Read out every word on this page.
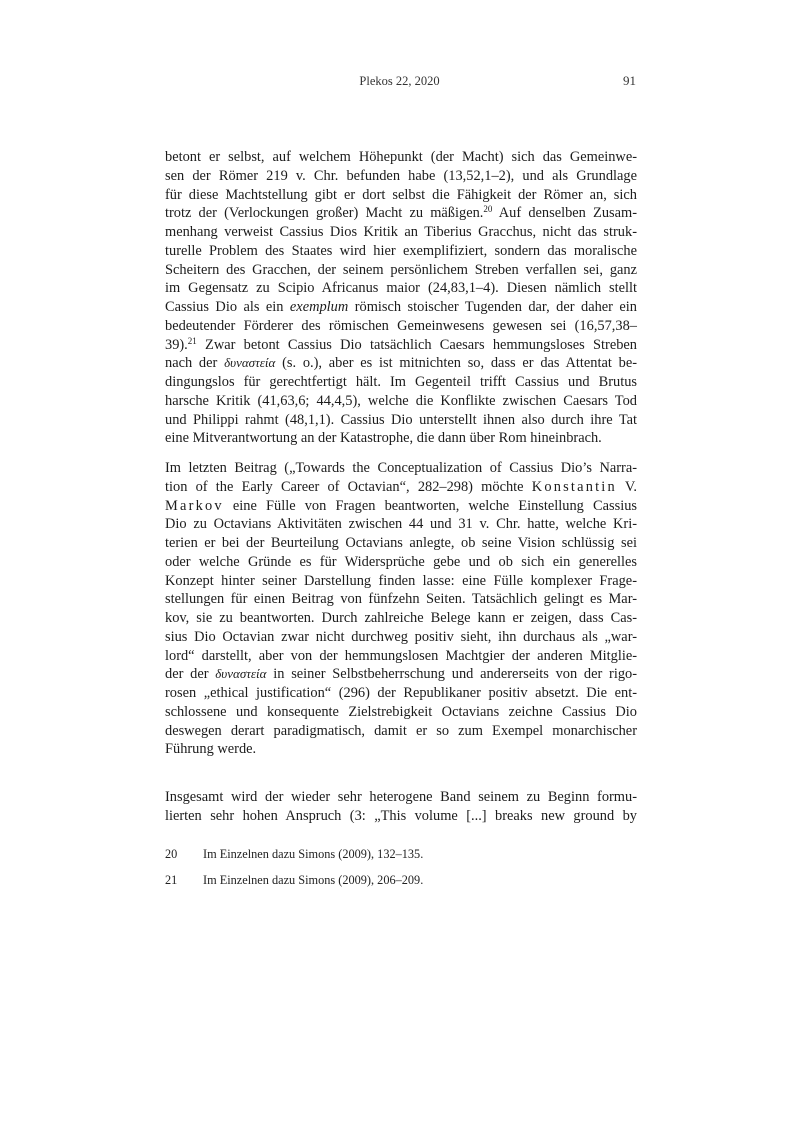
Plekos 22, 2020	91
betont er selbst, auf welchem Höhepunkt (der Macht) sich das Gemeinwe-
sen der Römer 219 v. Chr. befunden habe (13,52,1–2), und als Grundlage
für diese Machtstellung gibt er dort selbst die Fähigkeit der Römer an, sich
trotz der (Verlockungen großer) Macht zu mäßigen.$^{20}$ Auf denselben Zusam-
menhang verweist Cassius Dios Kritik an Tiberius Gracchus, nicht das struk-
turelle Problem des Staates wird hier exemplifiziert, sondern das moralische
Scheitern des Gracchen, der seinem persönlichem Streben verfallen sei, ganz
im Gegensatz zu Scipio Africanus maior (24,83,1–4). Diesen nämlich stellt
Cassius Dio als ein exemplum römisch stoischer Tugenden dar, der daher ein
bedeutender Förderer des römischen Gemeinwesens gewesen sei (16,57,38–
39).$^{21}$ Zwar betont Cassius Dio tatsächlich Caesars hemmungsloses Streben
nach der δυναστεία (s. o.), aber es ist mitnichten so, dass er das Attentat be-
dingungslos für gerechtfertigt hält. Im Gegenteil trifft Cassius und Brutus
harsche Kritik (41,63,6; 44,4,5), welche die Konflikte zwischen Caesars Tod
und Philippi rahmt (48,1,1). Cassius Dio unterstellt ihnen also durch ihre Tat
eine Mitverantwortung an der Katastrophe, die dann über Rom hineinbrach.
Im letzten Beitrag („Towards the Conceptualization of Cassius Dio’s Narra-
tion of the Early Career of Octavian“, 282–298) möchte Konstantin V.
Markov eine Fülle von Fragen beantworten, welche Einstellung Cassius
Dio zu Octavians Aktivitäten zwischen 44 und 31 v. Chr. hatte, welche Kri-
terien er bei der Beurteilung Octavians anlegte, ob seine Vision schlüssig sei
oder welche Gründe es für Widersprüche gebe und ob sich ein generelles
Konzept hinter seiner Darstellung finden lasse: eine Fülle komplexer Frage-
stellungen für einen Beitrag von fünfzehn Seiten. Tatsächlich gelingt es Mar-
kov, sie zu beantworten. Durch zahlreiche Belege kann er zeigen, dass Cas-
sius Dio Octavian zwar nicht durchweg positiv sieht, ihn durchaus als „war-
lord“ darstellt, aber von der hemmungslosen Machtgier der anderen Mitglie-
der der δυναστεία in seiner Selbstbeherrschung und andererseits von der rigo-
rosen „ethical justification“ (296) der Republikaner positiv absetzt. Die ent-
schlossene und konsequente Zielstrebigkeit Octavians zeichne Cassius Dio
deswegen derart paradigmatisch, damit er so zum Exempel monarchischer
Führung werde.
Insgesamt wird der wieder sehr heterogene Band seinem zu Beginn formu-
lierten sehr hohen Anspruch (3: „This volume [...] breaks new ground by
20 Im Einzelnen dazu Simons (2009), 132–135.
21 Im Einzelnen dazu Simons (2009), 206–209.
